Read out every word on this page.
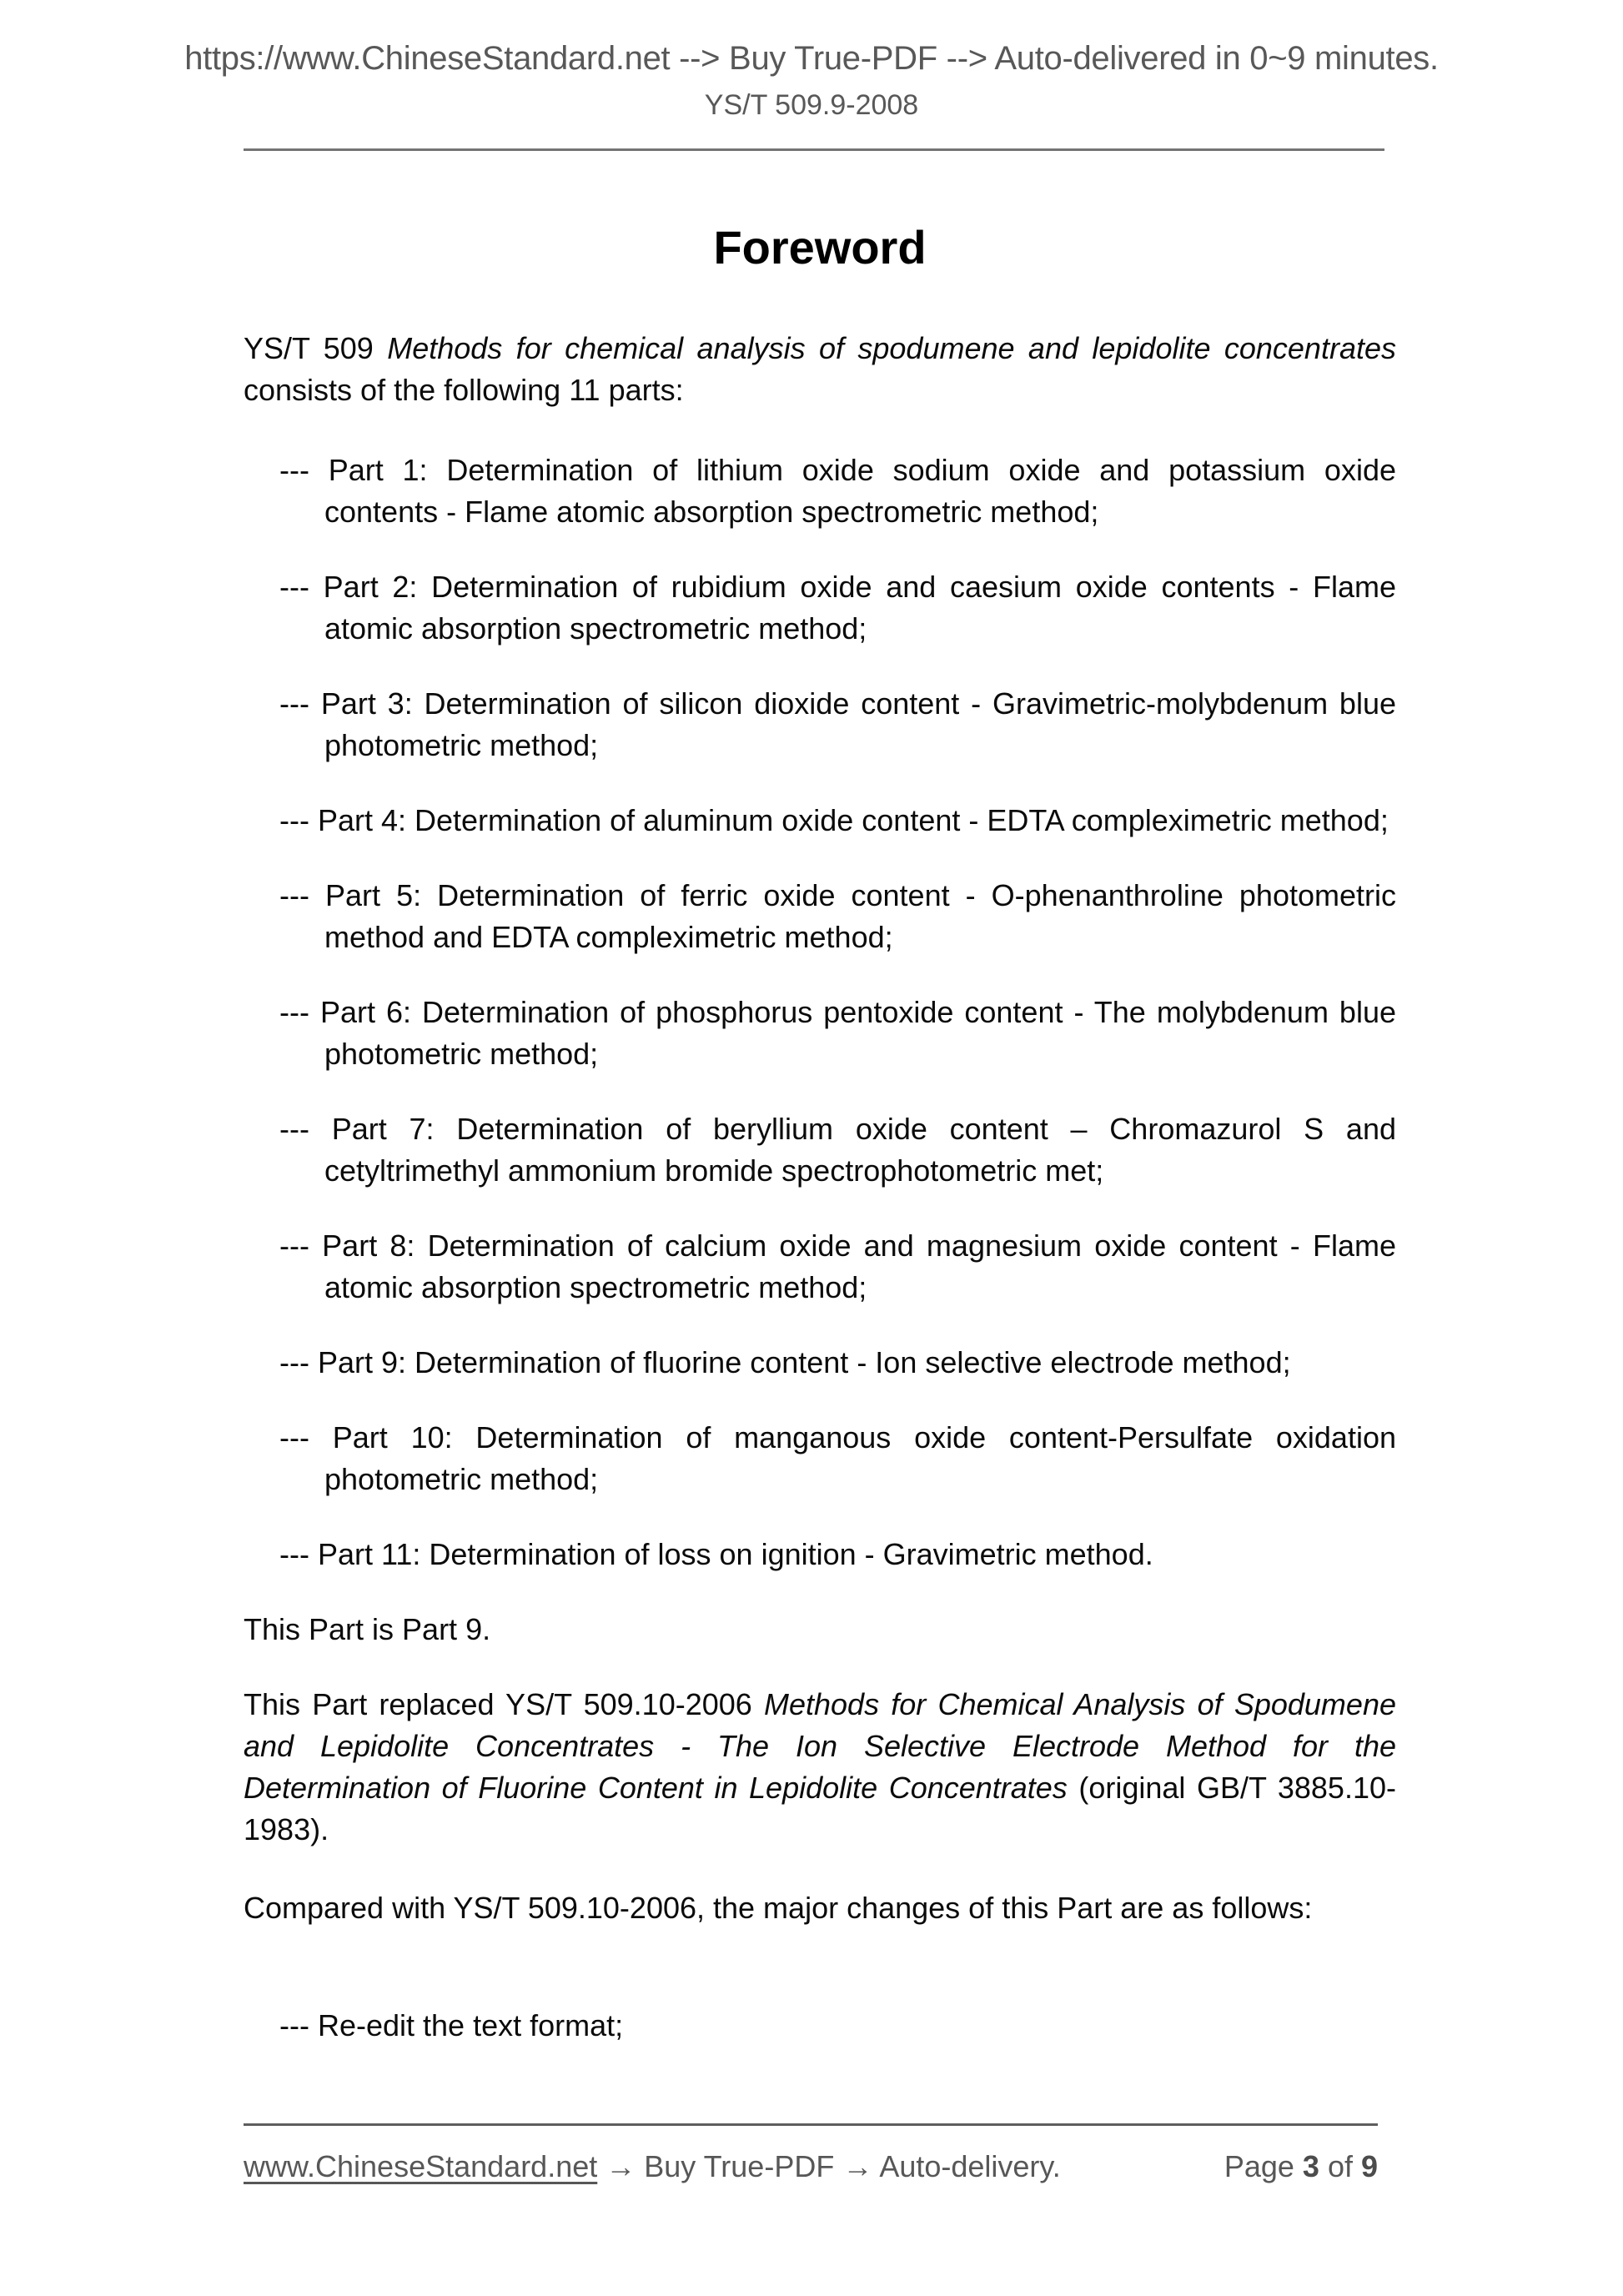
https://www.ChineseStandard.net --> Buy True-PDF --> Auto-delivered in 0~9 minutes.
YS/T 509.9-2008
Foreword

YS/T 509 Methods for chemical analysis of spodumene and lepidolite concentrates consists of the following 11 parts:

--- Part 1: Determination of lithium oxide sodium oxide and potassium oxide contents - Flame atomic absorption spectrometric method;
--- Part 2: Determination of rubidium oxide and caesium oxide contents - Flame atomic absorption spectrometric method;
--- Part 3: Determination of silicon dioxide content - Gravimetric-molybdenum blue photometric method;
--- Part 4: Determination of aluminum oxide content - EDTA compleximetric method;
--- Part 5: Determination of ferric oxide content - O-phenanthroline photometric method and EDTA compleximetric method;
--- Part 6: Determination of phosphorus pentoxide content - The molybdenum blue photometric method;
--- Part 7: Determination of beryllium oxide content – Chromazurol S and cetyltrimethyl ammonium bromide spectrophotometric met;
--- Part 8: Determination of calcium oxide and magnesium oxide content - Flame atomic absorption spectrometric method;
--- Part 9: Determination of fluorine content - Ion selective electrode method;
--- Part 10: Determination of manganous oxide content-Persulfate oxidation photometric method;
--- Part 11: Determination of loss on ignition - Gravimetric method.

This Part is Part 9.

This Part replaced YS/T 509.10-2006 Methods for Chemical Analysis of Spodumene and Lepidolite Concentrates - The Ion Selective Electrode Method for the Determination of Fluorine Content in Lepidolite Concentrates (original GB/T 3885.10-1983).

Compared with YS/T 509.10-2006, the major changes of this Part are as follows:

--- Re-edit the text format;
www.ChineseStandard.net → Buy True-PDF → Auto-delivery.	Page 3 of 9
